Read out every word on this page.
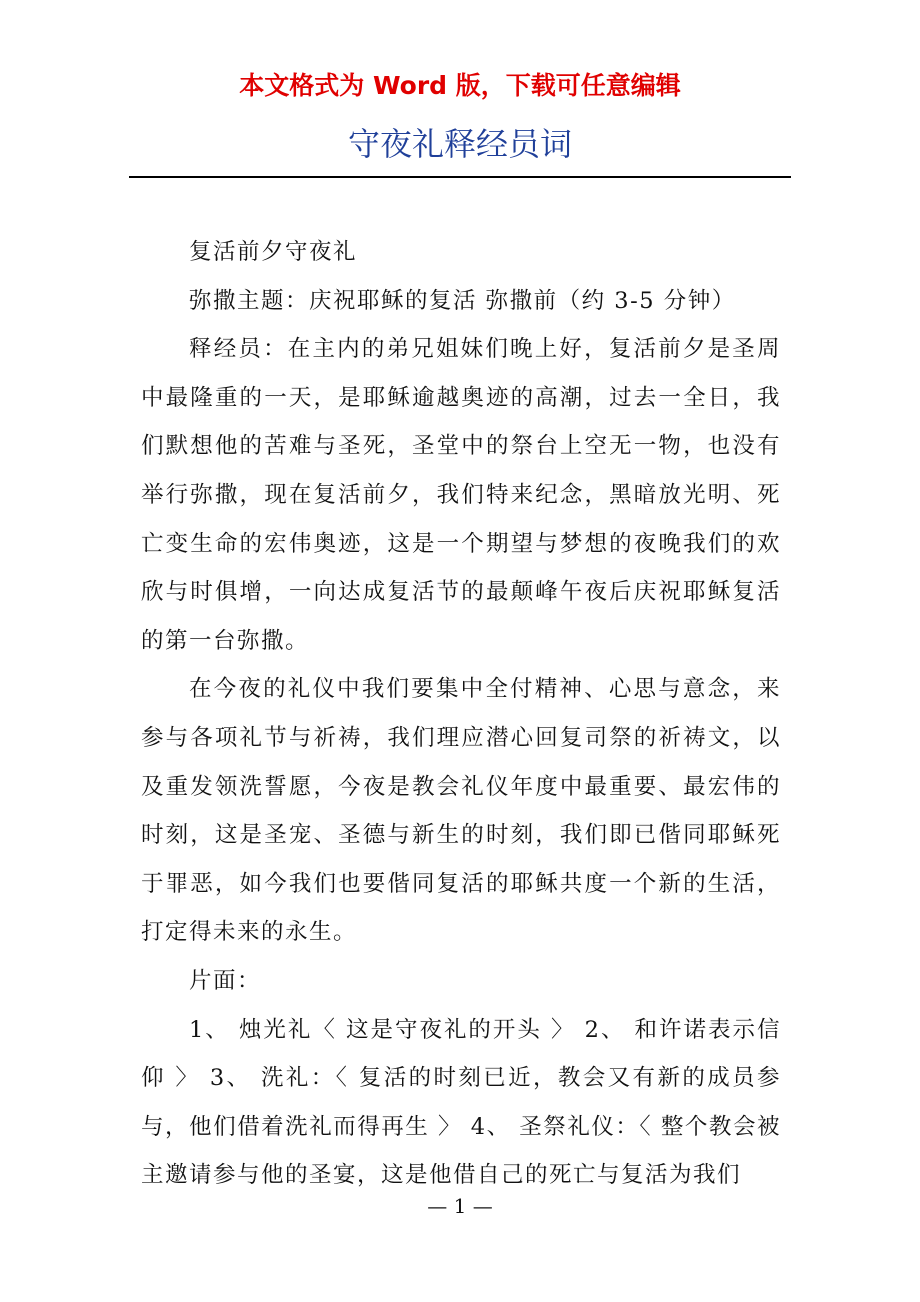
本文格式为 Word 版，下载可任意编辑

守夜礼释经员词

复活前夕守夜礼

弥撒主题：庆祝耶稣的复活 弥撒前（约 3-5 分钟）

释经员：在主内的弟兄姐妹们晚上好，复活前夕是圣周中最隆重的一天，是耶稣逾越奥迹的高潮，过去一全日，我们默想他的苦难与圣死，圣堂中的祭台上空无一物，也没有举行弥撒，现在复活前夕，我们特来纪念，黑暗放光明、死亡变生命的宏伟奥迹，这是一个期望与梦想的夜晚我们的欢欣与时俱增，一向达成复活节的最颠峰午夜后庆祝耶稣复活的第一台弥撒。

在今夜的礼仪中我们要集中全付精神、心思与意念，来参与各项礼节与祈祷，我们理应潜心回复司祭的祈祷文，以及重发领洗誓愿，今夜是教会礼仪年度中最重要、最宏伟的时刻，这是圣宠、圣德与新生的时刻，我们即已偕同耶稣死于罪恶，如今我们也要偕同复活的耶稣共度一个新的生活，打定得未来的永生。

片面：

1、 烛光礼〈 这是守夜礼的开头 〉 2、 和许诺表示信仰 〉 3、 洗礼：〈 复活的时刻已近，教会又有新的成员参与，他们借着洗礼而得再生 〉 4、 圣祭礼仪：〈 整个教会被主邀请参与他的圣宴，这是他借自己的死亡与复活为我们

— 1 —
